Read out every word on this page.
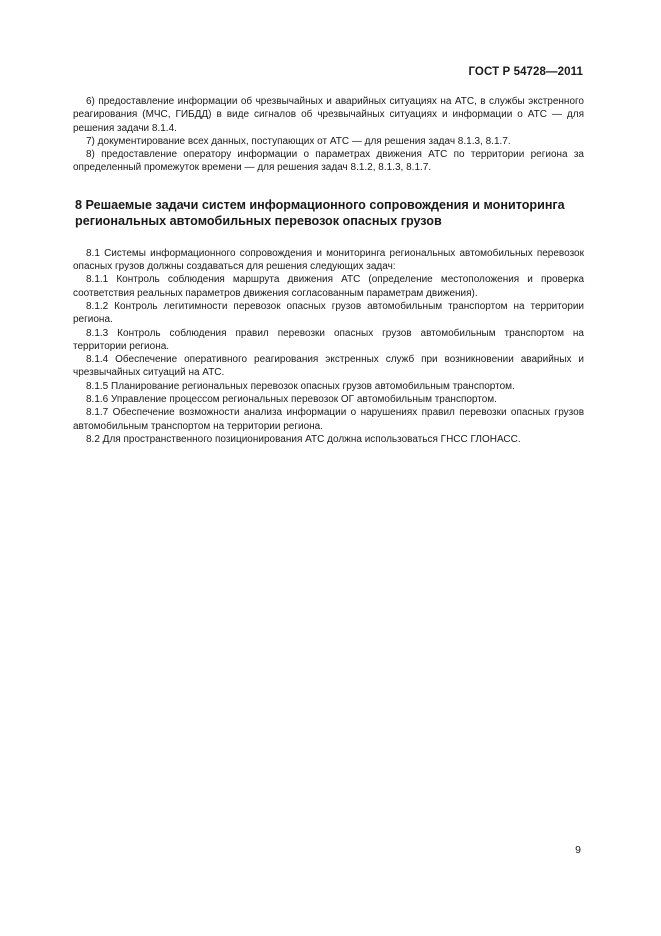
ГОСТ Р 54728—2011

6) предоставление информации об чрезвычайных и аварийных ситуациях на АТС, в службы экстренного реагирования (МЧС, ГИБДД) в виде сигналов об чрезвычайных ситуациях и информации о АТС — для решения задачи 8.1.4.

7) документирование всех данных, поступающих от АТС — для решения задач 8.1.3, 8.1.7.

8) предоставление оператору информации о параметрах движения АТС по территории региона за определенный промежуток времени — для решения задач 8.1.2, 8.1.3, 8.1.7.

8 Решаемые задачи систем информационного сопровождения и мониторинга региональных автомобильных перевозок опасных грузов

8.1 Системы информационного сопровождения и мониторинга региональных автомобильных перевозок опасных грузов должны создаваться для решения следующих задач:

8.1.1 Контроль соблюдения маршрута движения АТС (определение местоположения и проверка соответствия реальных параметров движения согласованным параметрам движения).

8.1.2 Контроль легитимности перевозок опасных грузов автомобильным транспортом на территории региона.

8.1.3 Контроль соблюдения правил перевозки опасных грузов автомобильным транспортом на территории региона.

8.1.4 Обеспечение оперативного реагирования экстренных служб при возникновении аварийных и чрезвычайных ситуаций на АТС.

8.1.5 Планирование региональных перевозок опасных грузов автомобильным транспортом.

8.1.6 Управление процессом региональных перевозок ОГ автомобильным транспортом.

8.1.7 Обеспечение возможности анализа информации о нарушениях правил перевозки опасных грузов автомобильным транспортом на территории региона.

8.2 Для пространственного позиционирования АТС должна использоваться ГНСС ГЛОНАСС.

9
